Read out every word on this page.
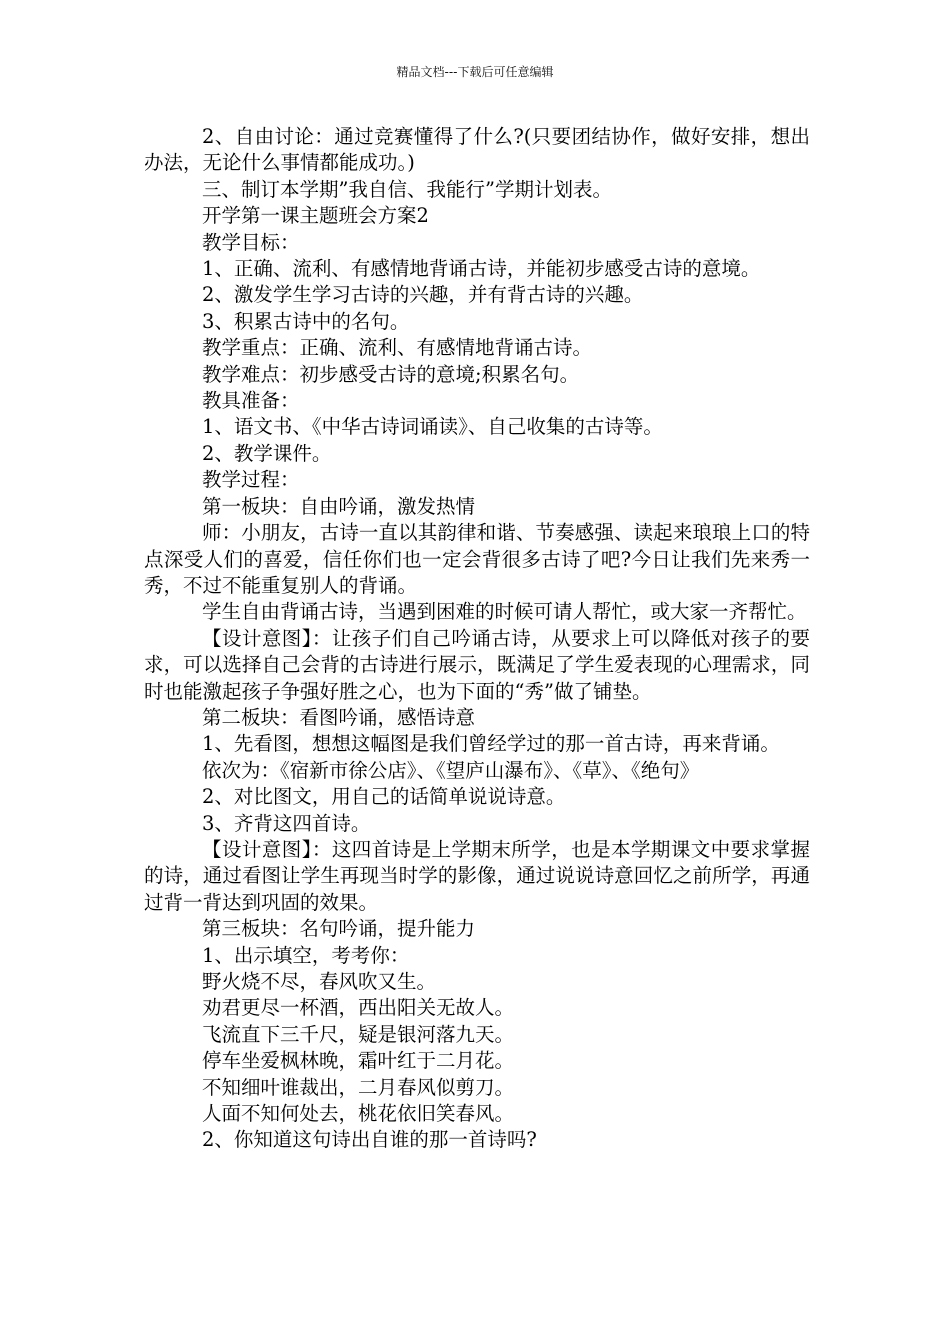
精品文档---下载后可任意编辑

2、自由讨论：通过竞赛懂得了什么?(只要团结协作，做好安排，想出办法，无论什么事情都能成功。)

三、制订本学期”我自信、我能行”学期计划表。

开学第一课主题班会方案2

教学目标：

1、正确、流利、有感情地背诵古诗，并能初步感受古诗的意境。

2、激发学生学习古诗的兴趣，并有背古诗的兴趣。

3、积累古诗中的名句。

教学重点：正确、流利、有感情地背诵古诗。

教学难点：初步感受古诗的意境;积累名句。

教具准备：

1、语文书、《中华古诗词诵读》、自己收集的古诗等。

2、教学课件。

教学过程：

第一板块：自由吟诵，激发热情

师：小朋友，古诗一直以其韵律和谐、节奏感强、读起来琅琅上口的特点深受人们的喜爱，信任你们也一定会背很多古诗了吧?今日让我们先来秀一秀，不过不能重复别人的背诵。

学生自由背诵古诗，当遇到困难的时候可请人帮忙，或大家一齐帮忙。

【设计意图】：让孩子们自己吟诵古诗，从要求上可以降低对孩子的要求，可以选择自己会背的古诗进行展示，既满足了学生爱表现的心理需求，同时也能激起孩子争强好胜之心，也为下面的“秀”做了铺垫。

第二板块：看图吟诵，感悟诗意

1、先看图，想想这幅图是我们曾经学过的那一首古诗，再来背诵。

依次为：《宿新市徐公店》、《望庐山瀑布》、《草》、《绝句》

2、对比图文，用自己的话简单说说诗意。

3、齐背这四首诗。

【设计意图】：这四首诗是上学期末所学，也是本学期课文中要求掌握的诗，通过看图让学生再现当时学的影像，通过说说诗意回忆之前所学，再通过背一背达到巩固的效果。

第三板块：名句吟诵，提升能力

1、出示填空，考考你：

野火烧不尽，春风吹又生。

劝君更尽一杯酒，西出阳关无故人。

飞流直下三千尺，疑是银河落九天。

停车坐爱枫林晚，霜叶红于二月花。

不知细叶谁裁出，二月春风似剪刀。

人面不知何处去，桃花依旧笑春风。

2、你知道这句诗出自谁的那一首诗吗?
